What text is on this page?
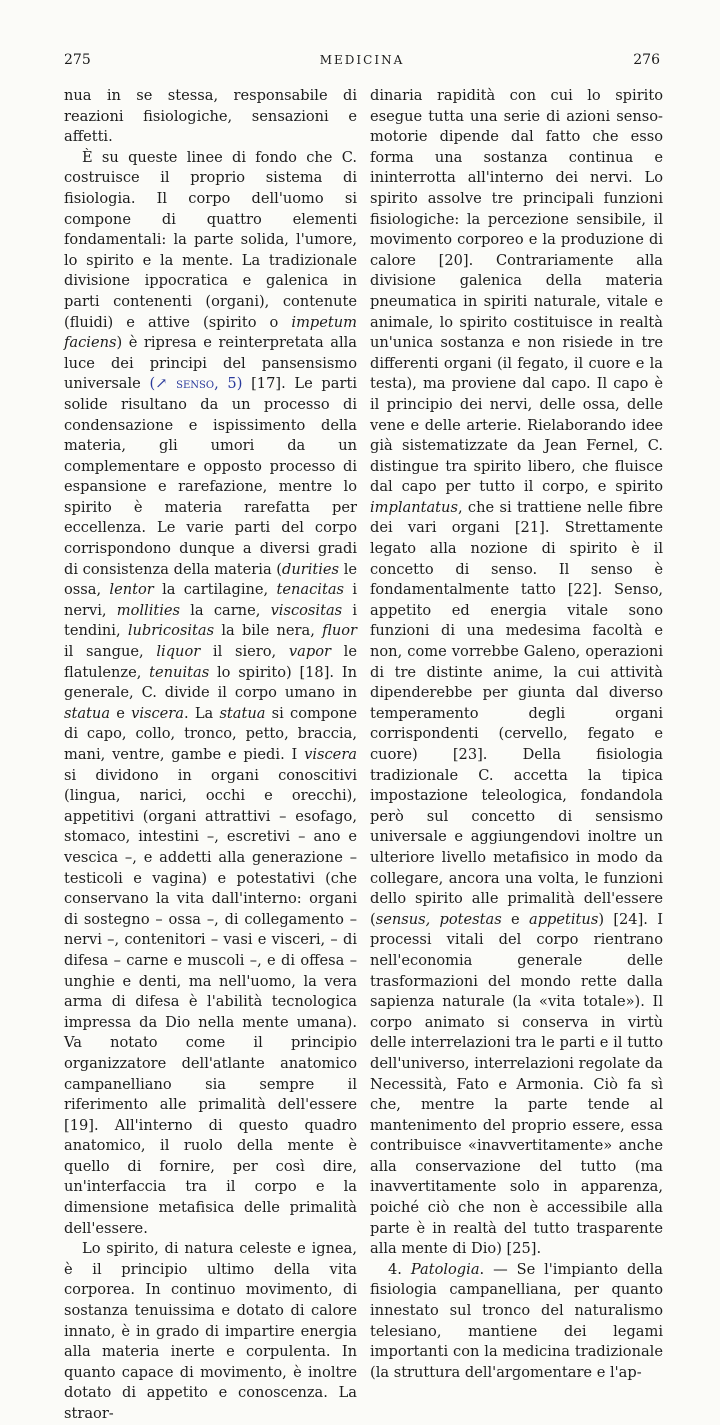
275	MEDICINA	276

nua in se stessa, responsabile di reazioni fisiologiche, sensazioni e affetti.

È su queste linee di fondo che C. costruisce il proprio sistema di fisiologia. Il corpo dell'uomo si compone di quattro elementi fondamentali: la parte solida, l'umore, lo spirito e la mente. La tradizionale divisione ippocratica e galenica in parti contenenti (organi), contenute (fluidi) e attive (spirito o impetum faciens) è ripresa e reinterpretata alla luce dei principi del pansensismo universale (↗ senso, 5) [17]. Le parti solide risultano da un processo di condensazione e ispissimento della materia, gli umori da un complementare e opposto processo di espansione e rarefazione, mentre lo spirito è materia rarefatta per eccellenza. Le varie parti del corpo corrispondono dunque a diversi gradi di consistenza della materia (durities le ossa, lentor la cartilagine, tenacitas i nervi, mollities la carne, viscositas i tendini, lubricositas la bile nera, fluor il sangue, liquor il siero, vapor le flatulenze, tenuitas lo spirito) [18]. In generale, C. divide il corpo umano in statua e viscera. La statua si compone di capo, collo, tronco, petto, braccia, mani, ventre, gambe e piedi. I viscera si dividono in organi conoscitivi (lingua, narici, occhi e orecchi), appetitivi (organi attrattivi – esofago, stomaco, intestini –, escretivi – ano e vescica –, e addetti alla generazione – testicoli e vagina) e potestativi (che conservano la vita dall'interno: organi di sostegno – ossa –, di collegamento – nervi –, contenitori – vasi e visceri, – di difesa – carne e muscoli –, e di offesa – unghie e denti, ma nell'uomo, la vera arma di difesa è l'abilità tecnologica impressa da Dio nella mente umana). Va notato come il principio organizzatore dell'atlante anatomico campanelliano sia sempre il riferimento alle primalità dell'essere [19]. All'interno di questo quadro anatomico, il ruolo della mente è quello di fornire, per così dire, un'interfaccia tra il corpo e la dimensione metafisica delle primalità dell'essere.

Lo spirito, di natura celeste e ignea, è il principio ultimo della vita corporea. In continuo movimento, di sostanza tenuissima e dotato di calore innato, è in grado di impartire energia alla materia inerte e corpulenta. In quanto capace di movimento, è inoltre dotato di appetito e conoscenza. La straor-

dinaria rapidità con cui lo spirito esegue tutta una serie di azioni senso-motorie dipende dal fatto che esso forma una sostanza continua e ininterrotta all'interno dei nervi. Lo spirito assolve tre principali funzioni fisiologiche: la percezione sensibile, il movimento corporeo e la produzione di calore [20]. Contrariamente alla divisione galenica della materia pneumatica in spiriti naturale, vitale e animale, lo spirito costituisce in realtà un'unica sostanza e non risiede in tre differenti organi (il fegato, il cuore e la testa), ma proviene dal capo. Il capo è il principio dei nervi, delle ossa, delle vene e delle arterie. Rielaborando idee già sistematizzate da Jean Fernel, C. distingue tra spirito libero, che fluisce dal capo per tutto il corpo, e spirito implantatus, che si trattiene nelle fibre dei vari organi [21]. Strettamente legato alla nozione di spirito è il concetto di senso. Il senso è fondamentalmente tatto [22]. Senso, appetito ed energia vitale sono funzioni di una medesima facoltà e non, come vorrebbe Galeno, operazioni di tre distinte anime, la cui attività dipenderebbe per giunta dal diverso temperamento degli organi corrispondenti (cervello, fegato e cuore) [23]. Della fisiologia tradizionale C. accetta la tipica impostazione teleologica, fondandola però sul concetto di sensismo universale e aggiungendovi inoltre un ulteriore livello metafisico in modo da collegare, ancora una volta, le funzioni dello spirito alle primalità dell'essere (sensus, potestas e appetitus) [24]. I processi vitali del corpo rientrano nell'economia generale delle trasformazioni del mondo rette dalla sapienza naturale (la «vita totale»). Il corpo animato si conserva in virtù delle interrelazioni tra le parti e il tutto dell'universo, interrelazioni regolate da Necessità, Fato e Armonia. Ciò fa sì che, mentre la parte tende al mantenimento del proprio essere, essa contribuisce «inavvertitamente» anche alla conservazione del tutto (ma inavvertitamente solo in apparenza, poiché ciò che non è accessibile alla parte è in realtà del tutto trasparente alla mente di Dio) [25].

4. Patologia. — Se l'impianto della fisiologia campanelliana, per quanto innestato sul tronco del naturalismo telesiano, mantiene dei legami importanti con la medicina tradizionale (la struttura dell'argomentare e l'ap-
